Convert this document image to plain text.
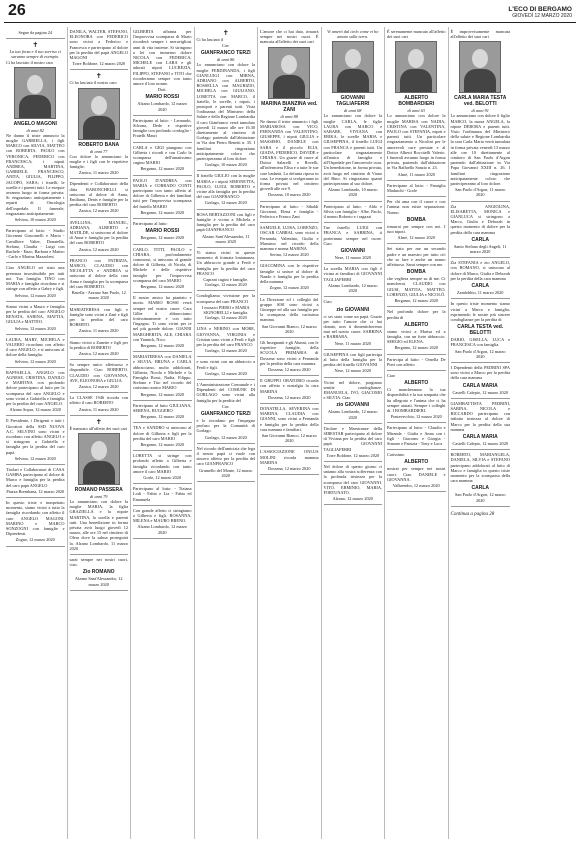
26	L'ECO DI BERGAMO
GIOVEDÌ 12 MARZO 2020
Segue da pagina 24
✝
La tua forza e il tuo sorriso ci saranno sempre di esempio.
Ci ha lasciato il nostro caro
ANGELO MAGONI
di anni 82
Ne danno il triste annuncio la moglie GABRIELLA, i figli MARCO con SILVIA, MATTEO con ROBERTA, PAOLO con VERONICA, FEDERICO con FRANCESCA; i nipoti ANDREA, MARTINA, GABRIELE, FRANCESCO, ANITA, GIULIA, FILIPPO, JACOPO, SARA; i fratelli, le sorelle e i parenti tutti. Le esequie avranno luogo in forma privata. Si ringraziano anticipatamente i reparti di Oncologia dell'ospedale. Il funerale, ringraziano anticipatamente.
Selvino, 10 marzo 2020
Partecipano al lutto: - Studio Giovanni Giacomelli e Maria - Cavalliere Valter, Donatella, Stefano, Claudia - Luigi con Rachele - Enzo, Barbara e Matteo - Carlo e Marina Mazzoleni
Ciao ANGELO sei stato una presenza insostituibile per tutti noi. Tua famiglia TINO con MARIA e famiglia ricordano e si stringe con affetto a Gabry e figli.
Selvino, 12 marzo 2020
Siamo vicini a Mauro e famiglia per la perdita del caro ANGELO RENATA, SABINA, MATTIA, GIULIA e MATTEO.
Selvino, 12 marzo 2020
LAURA, MARY, MICHELA e VALERIO ricordano con affetto il caro ANGELO, e si uniscono al dolore della famiglia.
Selvino, 12 marzo 2020
RAFFAELLA, ANGELO con AGNESE, CRISTINA, DANILO e MARTINA con profondo dolore partecipano al lutto per la scomparsa del caro ANGELO e sono vicini a Gabriella e famiglia per la perdita del caro ANGELO.
Alzano Sopra, 12 marzo 2020
Il Presidente, i Dirigenti e tutti i Giocatori della SSD NUOVA A.C. SELVINO sono vicini e ricordano con affetto ANGELO e si stringono a Gabriella e famiglia per la perdita del caro papà.
Selvino, 12 marzo 2020
Titolari e Collaboratori di CASA GAMBA partecipano al dolore di Marco e famiglia per la perdita del caro papà ANGELO
Piazza Brembana, 12 marzo 2020
In questo triste e inaspettato momento, siamo vicini a tutta la famiglia ricordando con affetto il caro ANGELO MAGONI. MARINO e MARCO SONZOGNI con famiglie e Dipendenti.
Zogno, 12 marzo 2020
DANILA, WALTER, STEFANO, ELEONORA con FEDERICO sono vicini a Federico e Francesca e partecipano al dolore per la perdita del papà ANGELO MAGONI
Torre Boldone, 12 marzo 2020
✝
Ci ha lasciato il nostro caro
ROBERTO BANA
di anni 77
Con dolore lo annunciano la moglie e i figli con le rispettive famiglie.
Zanica, 11 marzo 2020
Dipendenti e Collaboratori della ditta BABONCHELLI si uniscono al dolore di Anna, Emiliano, Denis e famiglie per la perdita del caro ROBERTO
Zanica, 12 marzo 2020
AVELLINA, MANUEL, ADRIANA, ALBERTO e MATILDE, si uniscono al dolore di Anna e famiglia per la perdita del caro ROBERTO
Zanica, 12 marzo 2020
FRANCO con PATRIZIA, MARCO, CLAUDIO con NICOLETTA e ANDREA si uniscono al dolore della cara Anna e famiglia per la scomparsa del caro ROBERTO.
Basella - Azzano San Paolo, 12 marzo 2020
MARIATERESA con figli e famiglie sono vicini a Zanì e figli per la perdita del caro ROBERTO.
Zanica, 11 marzo 2020
Siamo vicini a Zanette e figli per la perdita di ROBERTO
Zanica, 12 marzo 2020
Sa sempre unico affettuoso e disponibile. Ciao ROBERTO. CLAUDIO con GIOVANNA, AVE, ELEONORA e GIULIA.
Zanica, 12 marzo 2020
La CLASSE 1946 ricorda con affetto il caro ROBERTO
Zanica, 11 marzo 2020
✝
È mancato all'affetto dei suoi cari
ROMANO PASSERA
di anni 79
Lo annunciano con dolore la moglie MARIA, la figlia GRAZIELLA e la nipote MARTINA, la sorella e parenti tutti. Una benedizione in forma privata avrà luogo giovedì 12 marzo, alle ore 15 nel cimitero di Olera dove la salma proseguirà la. Alzano Lombardo, 11 marzo 2020
sarai sempre nei nostri cuori, ciao.
Zio ROMANO
Alzano Sant'Alessandro, 12 marzo 2020
GILBERTA affranta per l'improvvisa scomparsa di Mario ricorderà sempre i meravigliosi anni di vita insieme. Si stringono a lei con immenso dolore NICOLA con FEDERICA, MICHELE con LARA e gli adorati nipoti LUCREZIA, FILIPPO, STEFANO e TITO che ricorderanno sempre con tanto amore il loro nonno.
Dott.
MARIO ROSSI
Alzano Lombardo, 12 marzo 2020
Partecipano al lutto: - Leonardo, Silvana, Dede e rispettive famiglie con profondo cordoglio - Fratelli Mauri
CARLA e GIGI piangono con Gilberta i ricordi e con Carlo la scomparsa dell'amatissimo cugino MARIO
Bergamo, 12 marzo 2020
PAOLO D'ANDREA con MARIA e CORRADO CONTI partecipano con tanto affetto al dolore di Gilberta e dei familiari tutti per l'improvvisa scomparsa del fratello MARIO
Bergamo, 12 marzo 2020
Partecipano al lutto:
MARIO ROSSI
Bergamo, 12 marzo 2020
CARLO, TITTI, PAOLO e CHIARA, profondamente commossi, si uniscono al grande dolore di Gilberta, di Nicola, di Michele e delle rispettive famiglie per l'improvvisa scomparsa del caro MARIO
Bergamo, 12 marzo 2020
Il nostro amico ha piantato e morto. MARIO ROSSI verrà sempre nel nostro cuore. Cara Gilbe ti abbracciamo fortissimamente e con tutto l'ingegno. Ti sono vicini per te nel più grande dolore. GIANNI MARGHERITA, ALE, CHIARA con Yannick, Nico.
Bergamo, 12 marzo 2020
MARIATERESA con DANIELA e SILVIA, BRUNA e CARLA abbracciano, molto addolorati, Gilberta, Nicola e Michele e la Famiglia Rossi, Nadia, Filippo, Stefano e Tito nel ricordo del carissimo amico MARIO
Bergamo, 12 marzo 2020
Partecipano al lutto GIULIANA, SERENA, RUGGERO
Bergamo, 12 marzo 2020
TEA e SANDRO si uniscono al dolore di Gilberta e figli per la perdita del caro MARIO
Bergamo, 12 marzo 2020
LORETTA si stringe con profondo affetto a Gilberta e famiglia ricordando con tanto amore il caro MARIO
Gorle, 12 marzo 2020
Partecipano al lutto: - Tiziana Lodi - Fabio e Lia - Fabio ed Emanuela
Con grande affetto ci stringiamo a Gilberta e figli. ROSANNA, MILENA e MAURO BRENO.
Alzano Lombardo, 12 marzo 2020
✝
Ci ha lasciato il
Cav.
GIANFRANCO TERZI
di anni 86
Lo annunciano con dolore la moglie FERDINANDA, i figli GIANLUIGI con MIRNA, ADRIANO con ALBERTO, ROSSELLA con MAURIZIO, MICHELA con GIULIANO, LORETTA con MARCO, il fratello, le sorelle, i nipoti, i pronipoti e parenti tutti. Vista l'ordinanza del Ministero della Salute e della Regione Lombardia il caro Gianfranco verrà tumulato giovedì 12 marzo alle ore 16.30 direttamente al cimitero di Gorlago partendo dall'abitazione in Via don Pietro Benetti n. 35. I familiari ringraziano anticipatamente coloro che parteciperanno al loro dolore.
Gorlago, 10 marzo 2020
Il fratello GIULIO con la moglie MARIA e i nipoti SIMONETTA, PAOLO, LUIGI, ROBERTO e vicine alla famiglia per la perdita del caro GIANFRANCO
Gorlago, 12 marzo 2020
ROSA BERTAZZONI con figli e famiglie è vicina a Michela e famiglia per la perdita del caro papà GIANFRANCO
Alzano Sant'Alessandro, 11 marzo 2020
Vi siamo vicini in questo momento di formata lontananza. Un abbraccio grande a Ferdi e famiglia per la perdita del caro FRANCO
Caprani cugini e famiglie. Gorlago, 12 marzo 2020
Condogliamo vivissime per la scomparsa del caro FRANCO
I mosaici PIERO e MARIA SIGNORELLI e famiglia. Gorlago, 12 marzo 2020
LINA e NERINO con MORE, GIOVANNA, VIRGINIA e Cristian sono vicini a Ferdi e figli per la perdita del caro FRANCO
Gorlago, 12 marzo 2020
e sono vicini con un abbraccio a Ferdi e figli.
Gorlago, 12 marzo 2020
L'Amministrazione Comunale e i Dipendenti del COMUNE DI GORLAGO sono vicini alla famiglia per la perdita del
Cav.
GIANFRANCO TERZI
e lo ricordano per l'impegno profuso per la Comunità di Gorlago.
Gorlago, 12 marzo 2020
Nel ricordo dell'amicizia che lega il nostro papà ci vuole con sincero affetto per la perdita del caro GIANFRANCO
Grumello del Monte, 12 marzo 2020
L'amore che ci hai dato, rimarrà sempre nei nostri cuori. È mancata all'affetto dei suoi cari
MARINA BIANZINA ved. ZANI
di anni 88
Ne danno il triste annuncio i figli MARIAROSA con VICO, FERNANDA con VALENTINO, GIUSEPPE, i nipoti GIULIA e MASSIMO, DANIELE con SARA e il piccolo ELIA, GIADA, FEDERICO, DAVIDE e CHIARA. Un grazie di cuore al Dottor Salarelli e Rovelli, all'infermiera Elisa e a tutte le sue care badanti. La defunta riposa in casa. Le esequie si svolgeranno in forma privata nel cimitero giovedì alle ore 9.
Dossena, 10 marzo 2020
Partecipano al lutto: - Sibaldi Giovanni, Elena e famiglia - Federica e Franco Zani
SAMUELE, LUISA, LORENZO, OSCAR CABRAL sono vicini a Fernanda, Valentino, Giulia e Massimo nel ricordo della mamma e nonna MARINA
Serina, 12 marzo 2020
GIACOMINA con le rispettive famiglie si unisce al dolore di Nando e famiglia per la perdita della mamma
Zogno, 12 marzo 2020
La Direzione ed i colleghi del gruppo SISI sono vicini a Giuseppe ed alla sua famiglia per la scomparsa della carissima mamma.
San Giovanni Bianco, 12 marzo 2020
Gli Insegnanti e gli Alunni, con le rispettive famiglie, della SCUOLA PRIMARIA di Dossena sono vicini a Fernanda per la perdita della cara mamma.
Dossena, 12 marzo 2020
Il GRUPPO ORATORIO ricorda con affetto e nostalgia la cara MARINA
Dossena, 12 marzo 2020
DONATELLA, SEVERINA con MARINA, CLAUDIA con GIANNI, sono vicini a Fernanda e famiglia per la perdita della cara mamma e familiari.
San Giovanni Bianco, 12 marzo 2020
L'ASSOCIAZIONE ONLUS MOLINI ricorda mamma MARINA
Dossena, 12 marzo 2020
Vi amerò dal cielo come vi ho amato sulla terra.
GIOVANNI TAGLIAFERRI
di anni 68
Lo annunciano con dolore la moglie CARLA, le figlie LAURA con MARCO e SABARE, VIVIANA con ERIKA, le sorelle MARIA e GIUSEPPINA, il fratello LUIGI con FRANCA e parenti tutti. Un particolare ringraziamento all'amica di famiglia e all'Ospedale per l'amorevole cura. Un benedizione, in forma privata, avrà luogo nel cimitero di Viano del Bino. Si ringraziano quanti parteciperanno al suo dolore.
Alzano Lombardo, 10 marzo 2020
Partecipano al lutto: - Aldo e Silvia con famiglia - Albe, Paolo, il nonno Roberto e i ragazzi
Tue fratello LUIGI con FRANCA e SABRINA, ti porteranno sempre nel cuore. Ciao
GIOVANNI
Nese, 11 marzo 2020
La sorella MARIA con figli è vicina ai familiari di GIOVANNI TAGLIAFERRI
Alzano Lombardo, 12 marzo 2020
Ciao
zio GIOVANNI
ci sei stato come un papà. Grazie per tutto l'amore che ci hai donato, non ti dimenticheremo mai nel nostro cuore. SABRINA e BARBARA.
Nese, 11 marzo 2020
GIUSEPPINA con figli partecipa al lutto della famiglia per la perdita del fratello GIOVANNI
Nese, 12 marzo 2020
Vicini nel dolore, porgiamo sentite condoglianze. EMANUELA, IVO, GIACOMO e SILVIA. Ciao
zio GIOVANNI
Alzano Lombardo, 12 marzo 2020
Titolare e Maestranze della SIBESTAR partecipano al dolore di Viviana per la perdita del caro papà GIOVANNI TAGLIAFERRI
Torre Boldone, 12 marzo 2020
Nel dolore di questo giorno ci uniamo alla vostra sofferenza con la profonda tristezza per la scomparsa del caro GIOVANNI. VITO, ERMINIO, MARIA, FORTUNATO.
Alzano, 12 marzo 2020
È serenamente mancato all'affetto dei suoi cari
ALBERTO BOMBARDIERI
di anni 63
Lo annunciano con dolore la moglie MARISA con NADIA, CRISTINA con VALENTINA, PAOLO con STEFANIA, nipoti e parenti tutti. Un particolare ringraziamento a Nicolini per le amorevoli cure prestate e al Dottor Alberti Roccitelli Valerio. I funerali avranno luogo in forma privata, partendo dall'abitazione in Via Raffaello Sanzio n. 23.
Almè, 11 marzo 2020
Partecipano al lutto: - Famiglia Madaschi - Gorle
Per chi ama con il cuore e con l'anima non esiste separazione. Nonno
BOMBA
rimarrai per sempre con noi. I tuoi nipoti.
Almè, 12 marzo 2020
Sei stato per me un secondo padre e un maestro per tutto ciò che so fare e anche un nonno affettuoso. Sarai sempre con me.
BOMBA
che vegliera sempre su di me. Ci mancherai. CLAUDIO con GIUSI, MATTIA, MATTEO, LORENZO, GIULIA e NICOLÒ.
Bergamo, 12 marzo 2020
Nel profondo dolore per la perdita di
ALBERTO
siamo vicini a Marisa ed a famiglia, con un forte abbraccio. SERGIO ed ELENA.
Bergamo, 12 marzo 2020
Partecipa al lutto: - Ornella De Pieri con affetto
Ciao
ALBERTO
Ci mancheranno la tua disponibilità e la tua simpatia che ha allegrato e l'anima che ci ha sempre aiutati. Sempre i colleghi di. I BOMBARDIERI.
Pontevecchio, 12 marzo 2020
Partecipano al lutto: - Claudio e Miranda - Giulia e Anna con i figli - Giacomo e Giorgia - Simone e Patrizia - Tony e Luca
Carissimo
ALBERTO
nostrai per sempre nei nostri cuori. Ciao. DANIELE e GIOVANNA.
Valbrembo, 12 marzo 2020
È improvvisamente mancata all'affetto dei suoi cari
CARLA MARIA TESTA ved. BELOTTI
di anni 91
Lo annunciano con dolore il figlio MARCO, la nuora ANGELA, la nipote DEBORA e parenti tutti. Visto l'ordinanza del Ministero della salute e Regione Lombardia la cara Carla Maria verrà tumulata in forma privata venerdì 13 marzo alle ore 10 direttamente al cimitero di San Paolo d'Argon partendo dall'abitazione in Via Papa Giovanni XXIII n. 26. I familiari ringraziano anticipatamente coloro che parteciperanno al loro dolore.
San Paolo d'Argon, 11 marzo 2020
Zia ANGIOLINA, ELISABETTA, MONICA e GIANLUCA si stringono a Marco, Giulia e Deborah in questo momento di dolore per la perdita della cara mamma
CARLA
Santo Stefano degli Angeli, 11 marzo 2020
Zia STEFANIA e zio ANGELO, con ROMANO, si uniscono al dolore di Marco, Giulia e Deborah per la perdita della cara mamma
CARLA
Zandobbio, 11 marzo 2020
In questo triste momento siamo vicini a Marco e famiglia, esprimendo le nostre più sincere condoglianze per la perdita di
CARLA TESTA ved. BELOTTI
DARIO, GISELLA, LUCA e FRANCESCA con famiglia.
San Paolo d'Argon, 12 marzo 2020
I Dipendenti della PEDRINI SPA sono vicini a Marco per la perdita della cara mamma
CARLA MARIA
Castelli Calepio, 12 marzo 2020
GIAMBATTISTA PEDRINI, SABINA, NICOLA e RICCARDO partecipano con infinita tristezza al dolore di Marco per la perdita della sua mamma
CARLA MARIA
Castelli Calepio, 12 marzo 2020
ROBERTO, MARIANGELA, DANIELA, SILVIA e STEFANO partecipano addolorati al lutto di Marco e famiglia in questo triste momento per la scomparsa della cara mamma
CARLA
San Paolo d'Argon, 12 marzo 2020
Continua a pagina 28
